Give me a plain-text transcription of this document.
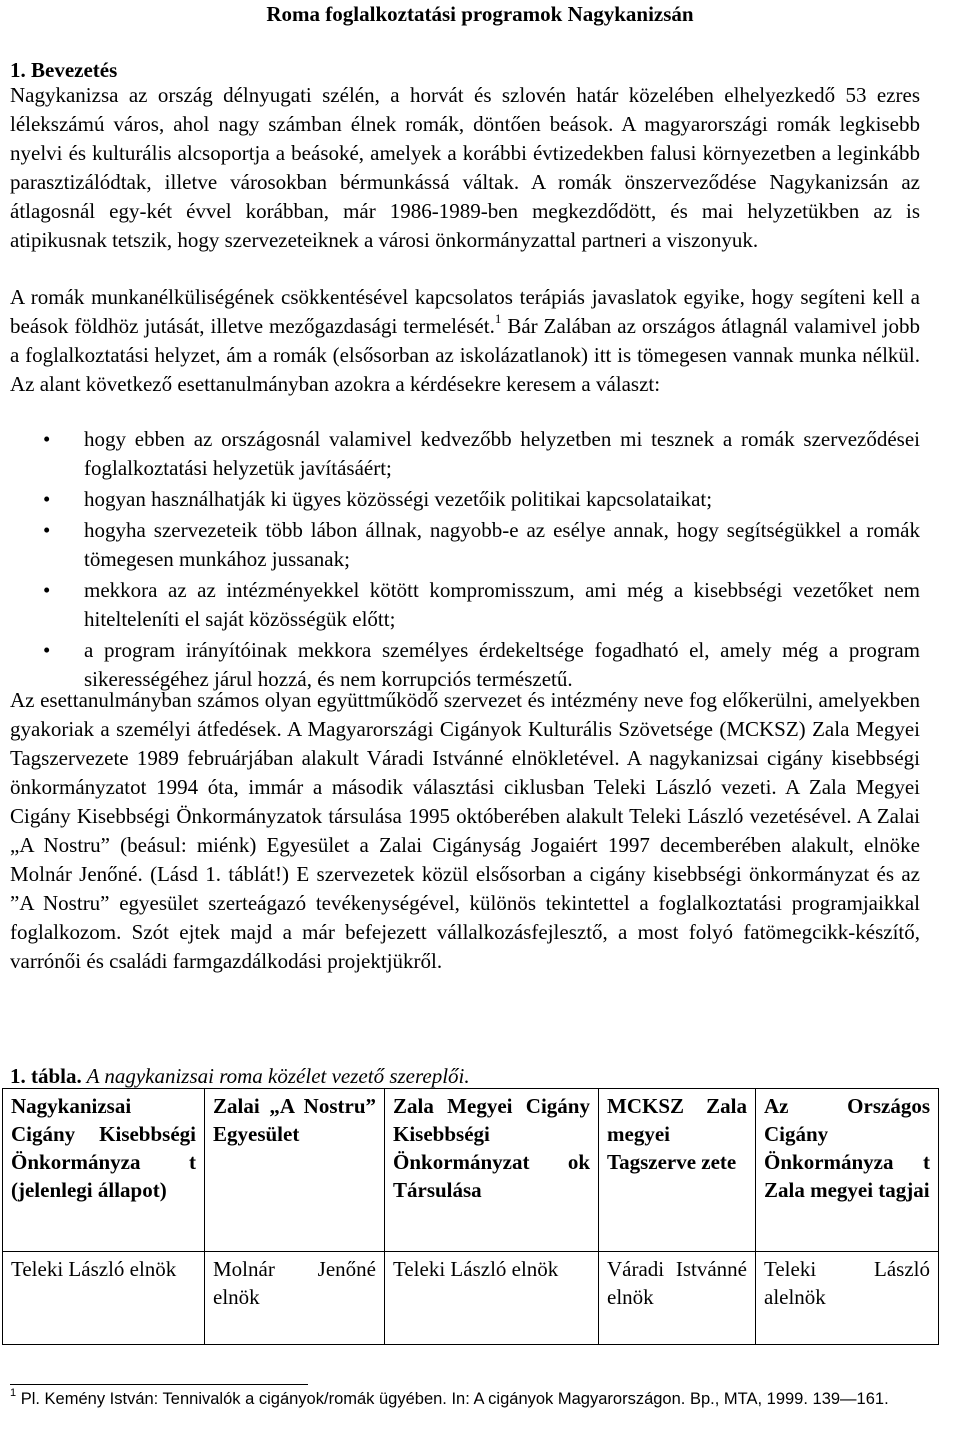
Roma foglalkoztatási programok Nagykanizsán
1. Bevezetés

Nagykanizsa az ország délnyugati szélén, a horvát és szlovén határ közelében elhelyezkedő 53 ezres lélekszámú város, ahol nagy számban élnek romák, döntően beások. A magyarországi romák legkisebb nyelvi és kulturális alcsoportja a beásoké, amelyek a korábbi évtizedekben falusi környezetben a leginkább parasztizálódtak, illetve városokban bérmunkássá váltak. A romák önszerveződése Nagykanizsán az átlagosnál egy-két évvel korábban, már 1986-1989-ben megkezdődött, és mai helyzetükben az is atipikusnak tetszik, hogy szervezeteiknek a városi önkormányzattal partneri a viszonyuk.

A romák munkanélküliségének csökkentésével kapcsolatos terápiás javaslatok egyike, hogy segíteni kell a beások földhöz jutását, illetve mezőgazdasági termelését.$^1$ Bár Zalában az országos átlagnál valamivel jobb a foglalkoztatási helyzet, ám a romák (elsősorban az iskolázatlanok) itt is tömegesen vannak munka nélkül. Az alant következő esettanulmányban azokra a kérdésekre keresem a választ:

• hogy ebben az országosnál valamivel kedvezőbb helyzetben mi tesznek a romák szerveződései foglalkoztatási helyzetük javításáért;
• hogyan használhatják ki ügyes közösségi vezetőik politikai kapcsolataikat;
• hogyha szervezeteik több lábon állnak, nagyobb-e az esélye annak, hogy segítségükkel a romák tömegesen munkához jussanak;
• mekkora az az intézményekkel kötött kompromisszum, ami még a kisebbségi vezetőket nem hitelteleníti el saját közösségük előtt;
• a program irányítóinak mekkora személyes érdekeltsége fogadható el, amely még a program sikerességéhez járul hozzá, és nem korrupciós természetű.

Az esettanulmányban számos olyan együttműködő szervezet és intézmény neve fog előkerülni, amelyekben gyakoriak a személyi átfedések. A Magyarországi Cigányok Kulturális Szövetsége (MCKSZ) Zala Megyei Tagszervezete 1989 februárjában alakult Váradi Istvánné elnökletével. A nagykanizsai cigány kisebbségi önkormányzatot 1994 óta, immár a második választási ciklusban Teleki László vezeti. A Zala Megyei Cigány Kisebbségi Önkormányzatok társulása 1995 októberében alakult Teleki László vezetésével. A Zalai „A Nostru” (beásul: miénk) Egyesület a Zalai Cigányság Jogaiért 1997 decemberében alakult, elnöke Molnár Jenőné. (Lásd 1. táblát!) E szervezetek közül elsősorban a cigány kisebbségi önkormányzat és az ”A Nostru” egyesület szerteágazó tevékenységével, különös tekintettel a foglalkoztatási programjaikkal foglalkozom. Szót ejtek majd a már befejezett vállalkozásfejlesztő, a most folyó fatömegcikk-készítő, varrónői és családi farmgazdálkodási projektjükről.

1. tábla. A nagykanizsai roma közélet vezető szereplői.
Nagykanizsai Cigány Kisebbségi Önkormányza t (jelenlegi állapot)	Zalai „A Nostru” Egyesület	Zala Megyei Cigány Kisebbségi Önkormányzat ok Társulása	MCKSZ Zala megyei Tagszerve zete	Az Országos Cigány Önkormányza t Zala megyei tagjai
Teleki László elnök	Molnár Jenőné elnök	Teleki László elnök	Váradi Istvánné elnök	Teleki László alelnök
$^1$ Pl. Kemény István: Tennivalók a cigányok/romák ügyében. In: A cigányok Magyarországon. Bp., MTA, 1999. 139—161.
